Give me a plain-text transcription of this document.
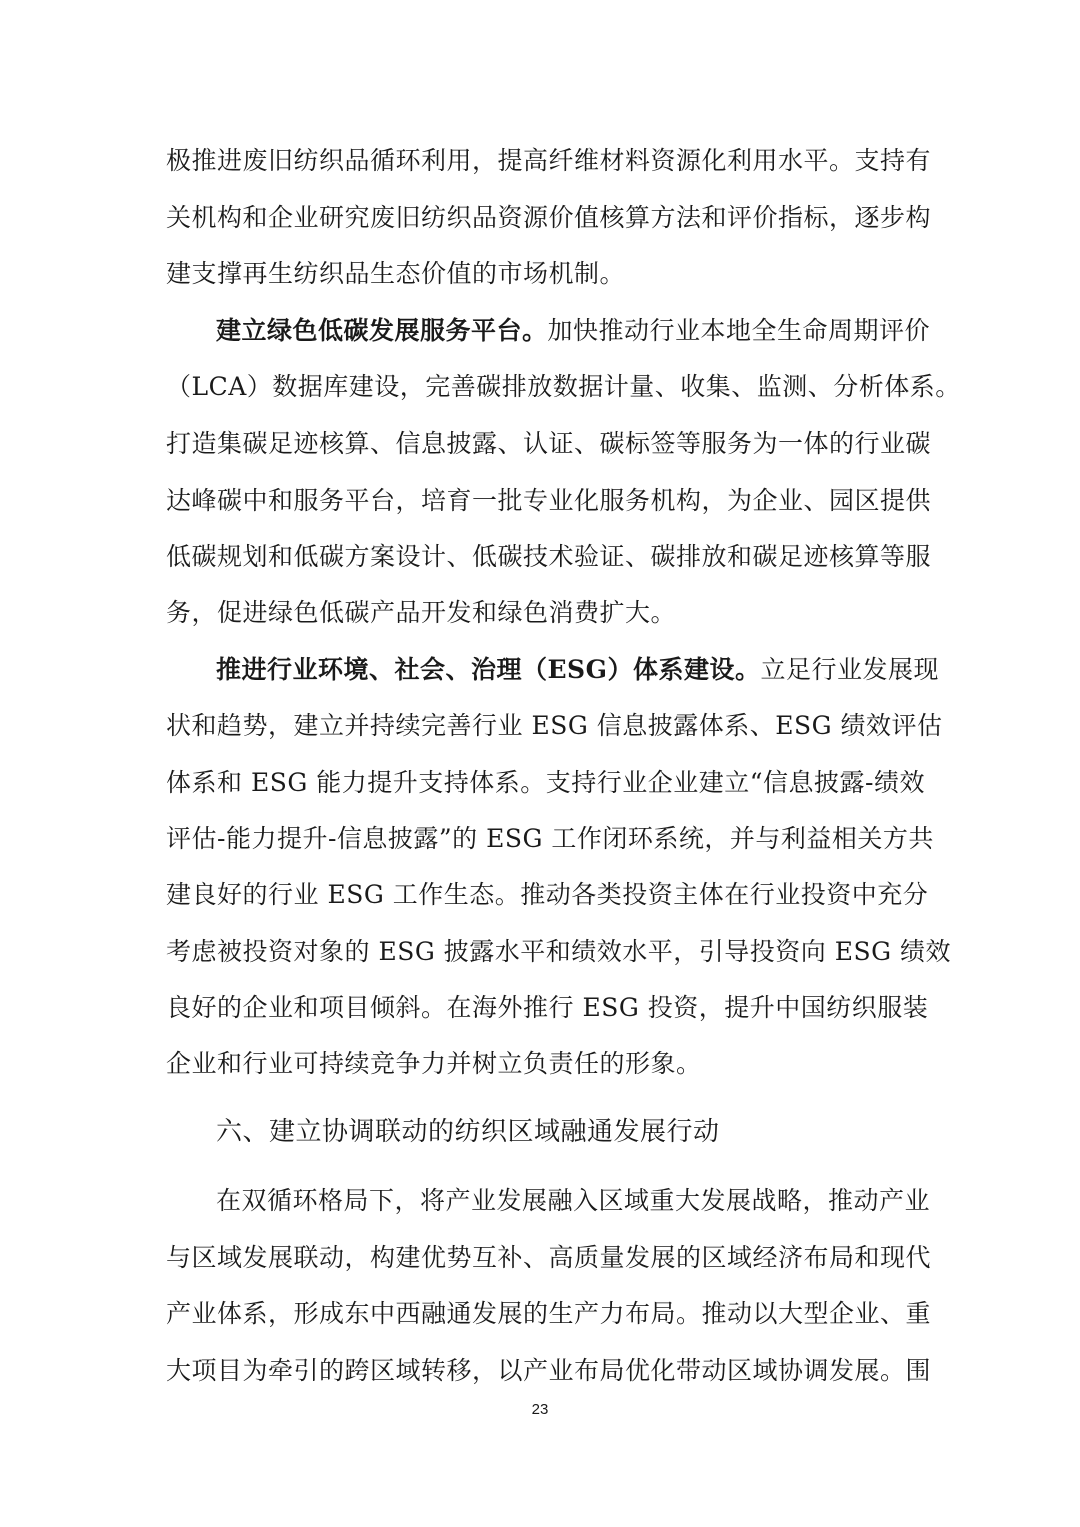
极推进废旧纺织品循环利用，提高纤维材料资源化利用水平。支持有
关机构和企业研究废旧纺织品资源价值核算方法和评价指标，逐步构
建支撑再生纺织品生态价值的市场机制。
建立绿色低碳发展服务平台。加快推动行业本地全生命周期评价
（LCA）数据库建设，完善碳排放数据计量、收集、监测、分析体系。
打造集碳足迹核算、信息披露、认证、碳标签等服务为一体的行业碳
达峰碳中和服务平台，培育一批专业化服务机构，为企业、园区提供
低碳规划和低碳方案设计、低碳技术验证、碳排放和碳足迹核算等服
务，促进绿色低碳产品开发和绿色消费扩大。
推进行业环境、社会、治理（ESG）体系建设。立足行业发展现
状和趋势，建立并持续完善行业 ESG 信息披露体系、ESG 绩效评估
体系和 ESG 能力提升支持体系。支持行业企业建立“信息披露-绩效
评估-能力提升-信息披露”的 ESG 工作闭环系统，并与利益相关方共
建良好的行业 ESG 工作生态。推动各类投资主体在行业投资中充分
考虑被投资对象的 ESG 披露水平和绩效水平，引导投资向 ESG 绩效
良好的企业和项目倾斜。在海外推行 ESG 投资，提升中国纺织服装
企业和行业可持续竞争力并树立负责任的形象。
六、建立协调联动的纺织区域融通发展行动
在双循环格局下，将产业发展融入区域重大发展战略，推动产业
与区域发展联动，构建优势互补、高质量发展的区域经济布局和现代
产业体系，形成东中西融通发展的生产力布局。推动以大型企业、重
大项目为牵引的跨区域转移，以产业布局优化带动区域协调发展。围
23
